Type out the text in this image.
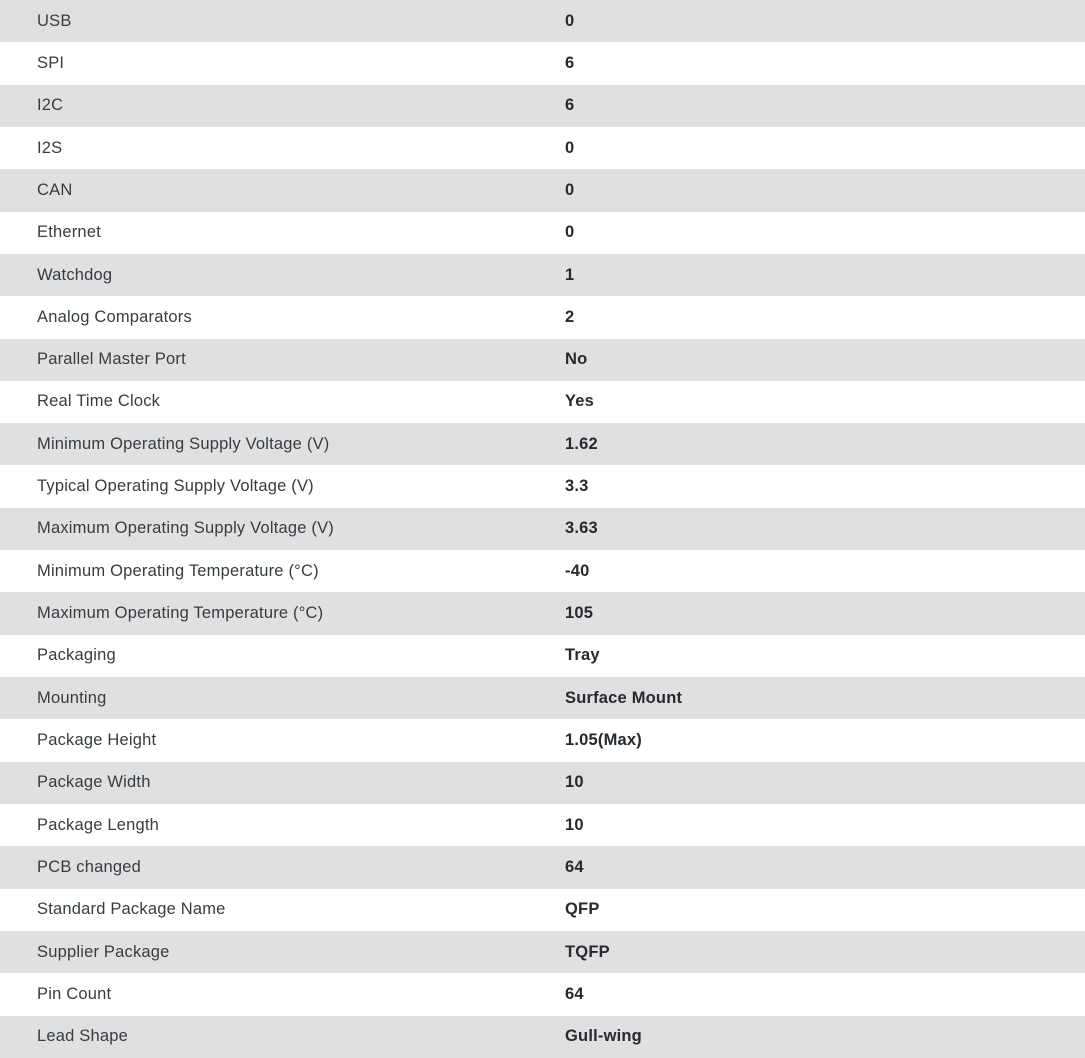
USB	0
SPI	6
I2C	6
I2S	0
CAN	0
Ethernet	0
Watchdog	1
Analog Comparators	2
Parallel Master Port	No
Real Time Clock	Yes
Minimum Operating Supply Voltage (V)	1.62
Typical Operating Supply Voltage (V)	3.3
Maximum Operating Supply Voltage (V)	3.63
Minimum Operating Temperature (°C)	-40
Maximum Operating Temperature (°C)	105
Packaging	Tray
Mounting	Surface Mount
Package Height	1.05(Max)
Package Width	10
Package Length	10
PCB changed	64
Standard Package Name	QFP
Supplier Package	TQFP
Pin Count	64
Lead Shape	Gull-wing
